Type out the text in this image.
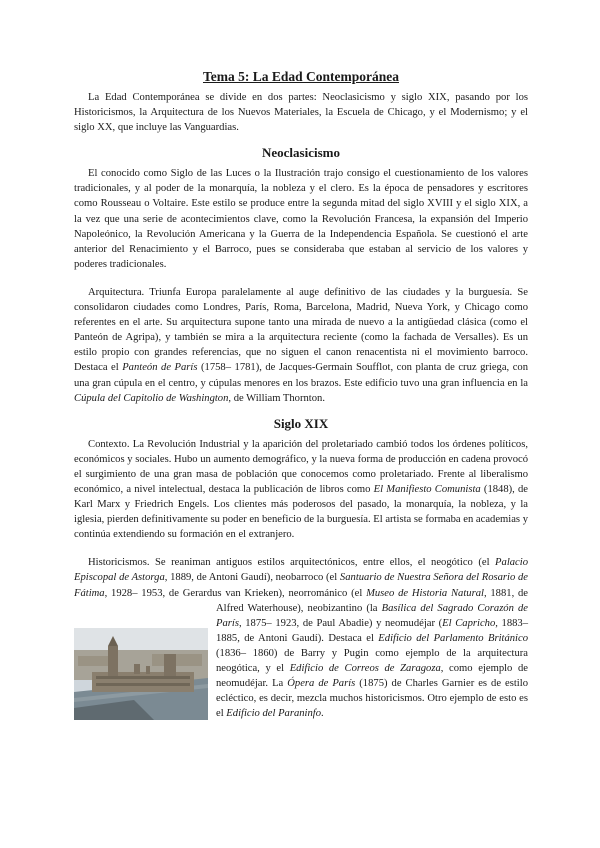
Tema 5: La Edad Contemporánea

La Edad Contemporánea se divide en dos partes: Neoclasicismo y siglo XIX, pasando por los Historicismos, la Arquitectura de los Nuevos Materiales, la Escuela de Chicago, y el Modernismo; y el siglo XX, que incluye las Vanguardias.

Neoclasicismo

El conocido como Siglo de las Luces o la Ilustración trajo consigo el cuestionamiento de los valores tradicionales, y al poder de la monarquía, la nobleza y el clero. Es la época de pensadores y escritores como Rousseau o Voltaire. Este estilo se produce entre la segunda mitad del siglo XVIII y el siglo XIX, a la vez que una serie de acontecimientos clave, como la Revolución Francesa, la expansión del Imperio Napoleónico, la Revolución Americana y la Guerra de la Independencia Española. Se cuestionó el arte anterior del Renacimiento y el Barroco, pues se consideraba que estaban al servicio de los valores y poderes tradicionales.

Arquitectura. Triunfa Europa paralelamente al auge definitivo de las ciudades y la burguesía. Se consolidaron ciudades como Londres, París, Roma, Barcelona, Madrid, Nueva York, y Chicago como referentes en el arte. Su arquitectura supone tanto una mirada de nuevo a la antigüedad clásica (como el Panteón de Agripa), y también se mira a la arquitectura reciente (como la fachada de Versalles). Es un estilo propio con grandes referencias, que no siguen el canon renacentista ni el movimiento barroco. Destaca el Panteón de París (1758– 1781), de Jacques-Germain Soufflot, con planta de cruz griega, con una gran cúpula en el centro, y cúpulas menores en los brazos. Este edificio tuvo una gran influencia en la Cúpula del Capitolio de Washington, de William Thornton.

Siglo XIX

Contexto. La Revolución Industrial y la aparición del proletariado cambió todos los órdenes políticos, económicos y sociales. Hubo un aumento demográfico, y la nueva forma de producción en cadena provocó el surgimiento de una gran masa de población que conocemos como proletariado. Frente al liberalismo económico, a nivel intelectual, destaca la publicación de libros como El Manifiesto Comunista (1848), de Karl Marx y Friedrich Engels. Los clientes más poderosos del pasado, la monarquía, la nobleza, y la iglesia, pierden definitivamente su poder en beneficio de la burguesía. El artista se formaba en academias y continúa extendiendo su formación en el extranjero.

Historicismos. Se reaniman antiguos estilos arquitectónicos, entre ellos, el neogótico (el Palacio Episcopal de Astorga, 1889, de Antoni Gaudí), neobarroco (el Santuario de Nuestra Señora del Rosario de Fátima, 1928– 1953, de Gerardus van Krieken), neorrománico (el Museo de Historia Natural, 1881, de Alfred Waterhouse), neobizantino (la
Basílica del Sagrado Corazón de París, 1875– 1923, de Paul Abadie) y neomudéjar (El Capricho, 1883– 1885, de Antoni Gaudí). Destaca el Edificio del Parlamento Británico (1836– 1860) de Barry y Pugin como ejemplo de la arquitectura neogótica, y el Edificio de Correos de Zaragoza, como ejemplo de neomudéjar. La Ópera de París (1875) de Charles Garnier es de estilo ecléctico, es decir, mezcla muchos historicismos. Otro ejemplo de esto es el Edificio del Paraninfo.
